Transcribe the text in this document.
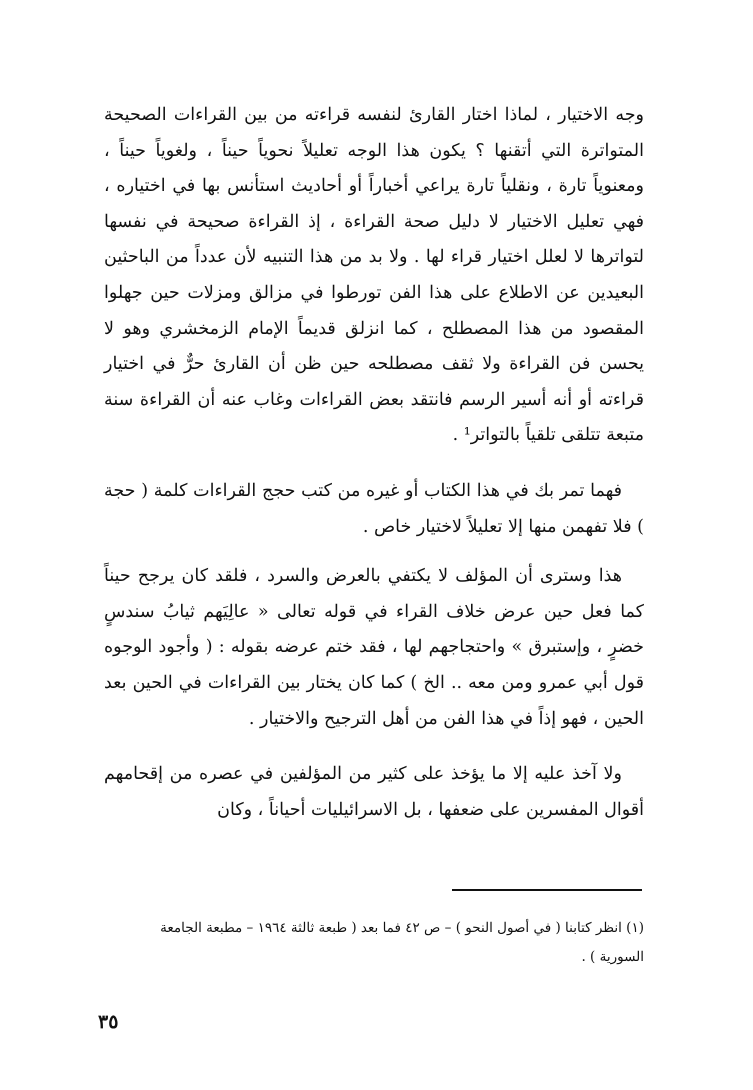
وجه الاختيار ، لماذا اختار القارئ لنفسه قراءته من بين القراءات الصحيحة المتواترة التي أتقنها ؟ يكون هذا الوجه تعليلاً نحوياً حيناً ، ولغوياً حيناً ، ومعنوياً تارة ، ونقلياً تارة يراعي أخباراً أو أحاديث استأنس بها في اختياره ، فهي تعليل الاختيار لا دليل صحة القراءة ، إذ القراءة صحيحة في نفسها لتواترها لا لعلل اختيار قراء لها . ولا بد من هذا التنبيه لأن عدداً من الباحثين البعيدين عن الاطلاع على هذا الفن تورطوا في مزالق ومزلات حين جهلوا المقصود من هذا المصطلح ، كما انزلق قديماً الإمام الزمخشري وهو لا يحسن فن القراءة ولا ثقف مصطلحه حين ظن أن القارئ حرٌّ في اختيار قراءته أو أنه أسير الرسم فانتقد بعض القراءات وغاب عنه أن القراءة سنة متبعة تتلقى تلقياً بالتواتر¹ .

فهما تمر بك في هذا الكتاب أو غيره من كتب حجج القراءات كلمة ( حجة ) فلا تفهمن منها إلا تعليلاً لاختيار خاص .

هذا وسترى أن المؤلف لا يكتفي بالعرض والسرد ، فلقد كان يرجح حيناً كما فعل حين عرض خلاف القراء في قوله تعالى « عالِيَهم ثيابُ سندسٍ خضرٍ ، وإستبرق » واحتجاجهم لها ، فقد ختم عرضه بقوله : ( وأجود الوجوه قول أبي عمرو ومن معه .. الخ ) كما كان يختار بين القراءات في الحين بعد الحين ، فهو إذاً في هذا الفن من أهل الترجيح والاختيار .

ولا آخذ عليه إلا ما يؤخذ على كثير من المؤلفين في عصره من إقحامهم أقوال المفسرين على ضعفها ، بل الاسرائيليات أحياناً ، وكان

(١) انظر كتابنا ( في أصول النحو ) – ص ٤٢ فما بعد ( طبعة ثالثة ١٩٦٤ – مطبعة الجامعة

السورية ) .

٣٥
